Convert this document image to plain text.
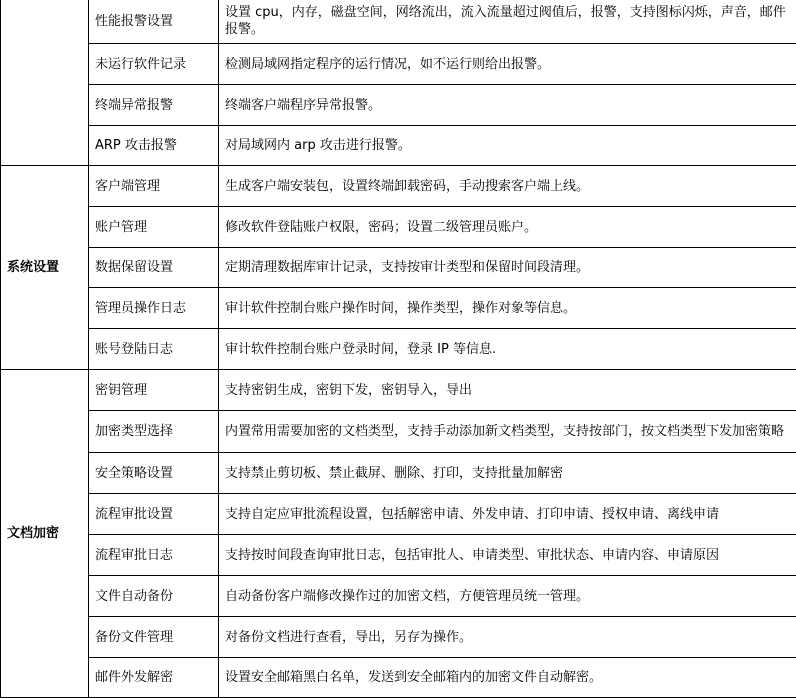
	性能报警设置	设置 cpu，内存，磁盘空间，网络流出，流入流量超过阀值后，报警，支持图标闪烁，声音，邮件报警。
	未运行软件记录	检测局域网指定程序的运行情况，如不运行则给出报警。
	终端异常报警	终端客户端程序异常报警。
	ARP 攻击报警	对局域网内 arp 攻击进行报警。
系统设置	客户端管理	生成客户端安装包，设置终端卸载密码，手动搜索客户端上线。
	账户管理	修改软件登陆账户权限，密码；设置二级管理员账户。
	数据保留设置	定期清理数据库审计记录，支持按审计类型和保留时间段清理。
	管理员操作日志	审计软件控制台账户操作时间，操作类型，操作对象等信息。
	账号登陆日志	审计软件控制台账户登录时间，登录 IP 等信息.
文档加密	密钥管理	支持密钥生成，密钥下发，密钥导入，导出
	加密类型选择	内置常用需要加密的文档类型，支持手动添加新文档类型，支持按部门，按文档类型下发加密策略
	安全策略设置	支持禁止剪切板、禁止截屏、删除、打印，支持批量加解密
	流程审批设置	支持自定应审批流程设置，包括解密申请、外发申请、打印申请、授权申请、离线申请
	流程审批日志	支持按时间段查询审批日志，包括审批人、申请类型、审批状态、申请内容、申请原因
	文件自动备份	自动备份客户端修改操作过的加密文档，方便管理员统一管理。
	备份文件管理	对备份文档进行查看，导出，另存为操作。
	邮件外发解密	设置安全邮箱黑白名单，发送到安全邮箱内的加密文件自动解密。
